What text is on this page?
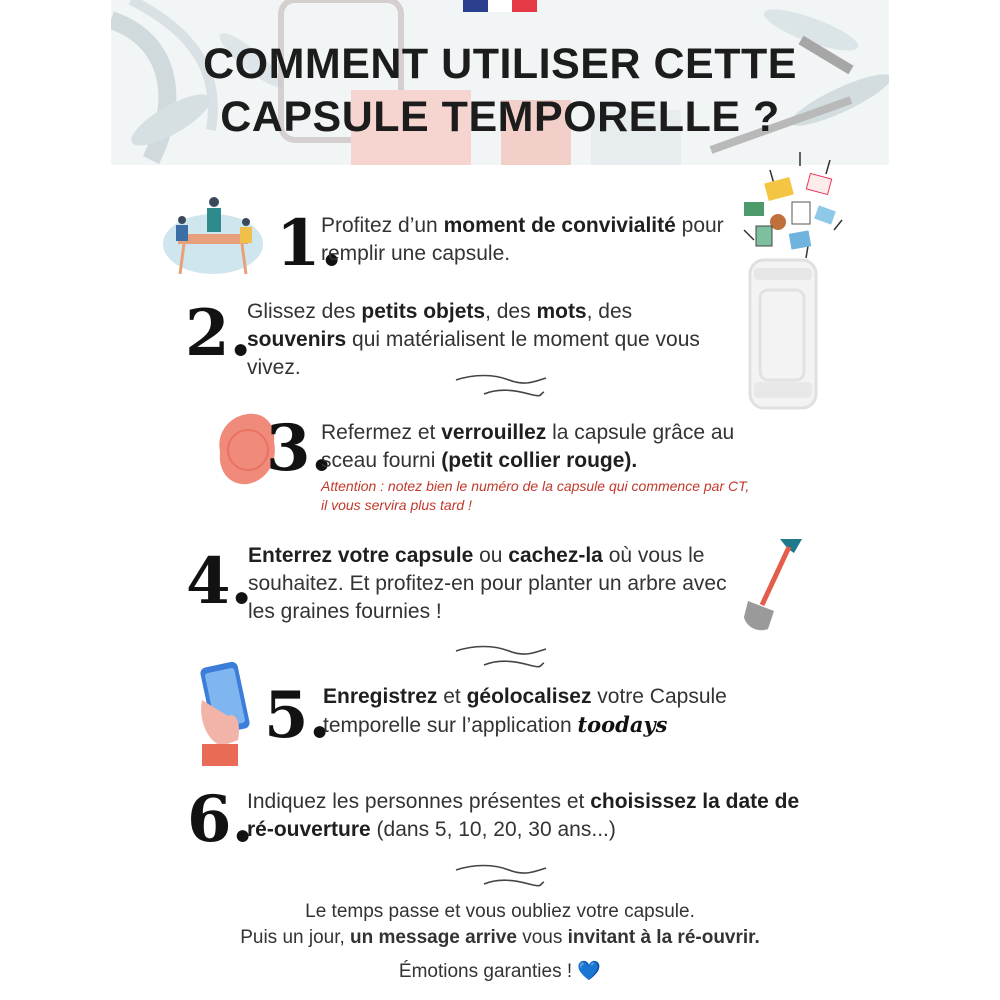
COMMENT UTILISER CETTE
CAPSULE TEMPORELLE ?
1.
Profitez d’un moment de convivialité pour remplir une capsule.
2.
Glissez des petits objets, des mots, des souvenirs qui matérialisent le moment que vous vivez.
3.
Refermez et verrouillez la capsule grâce au sceau fourni (petit collier rouge).
Attention : notez bien le numéro de la capsule qui commence par CT, il vous servira plus tard !
4.
Enterrez votre capsule ou cachez-la où vous le souhaitez. Et profitez-en pour planter un arbre avec les graines fournies !
5.
Enregistrez et géolocalisez votre Capsule temporelle sur l’application toodays
6.
Indiquez les personnes présentes et choisissez la date de ré-ouverture (dans 5, 10, 20, 30 ans...)
Le temps passe et vous oubliez votre capsule.
Puis un jour, un message arrive vous invitant à la ré-ouvrir.
Émotions garanties ! 💙
